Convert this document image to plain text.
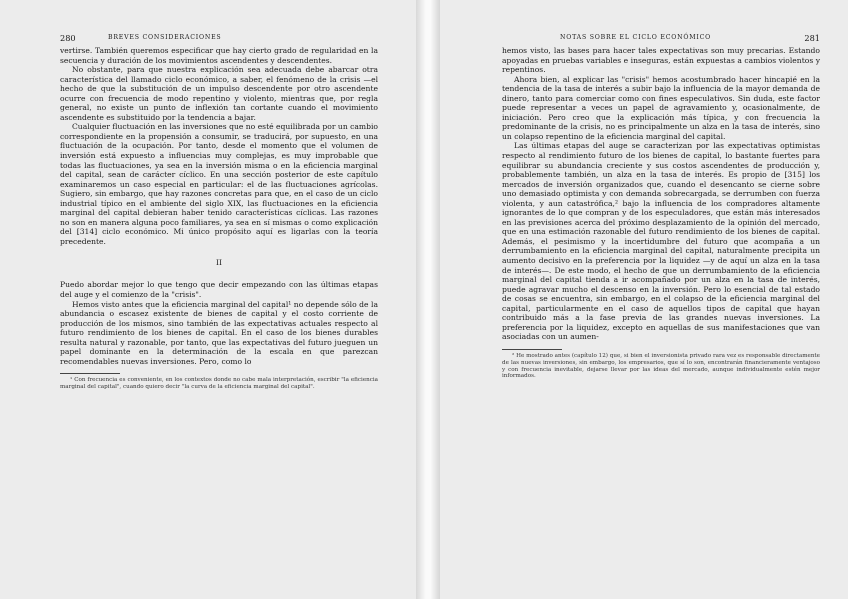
280	BREVES CONSIDERACIONES

vertirse. También queremos especificar que hay cierto grado de regularidad en la secuencia y duración de los movimientos ascendentes y descendentes.

No obstante, para que nuestra explicación sea adecuada debe abarcar otra característica del llamado ciclo económico, a saber, el fenómeno de la crisis —el hecho de que la substitución de un impulso descendente por otro ascendente ocurre con frecuencia de modo repentino y violento, mientras que, por regla general, no existe un punto de inflexión tan cortante cuando el movimiento ascendente es substituido por la tendencia a bajar.

Cualquier fluctuación en las inversiones que no esté equilibrada por un cambio correspondiente en la propensión a consumir, se traducirá, por supuesto, en una fluctuación de la ocupación. Por tanto, desde el momento que el volumen de inversión está expuesto a influencias muy complejas, es muy improbable que todas las fluctuaciones, ya sea en la inversión misma o en la eficiencia marginal del capital, sean de carácter cíclico. En una sección posterior de este capítulo examinaremos un caso especial en particular: el de las fluctuaciones agrícolas. Sugiero, sin embargo, que hay razones concretas para que, en el caso de un ciclo industrial típico en el ambiente del siglo XIX, las fluctuaciones en la eficiencia marginal del capital debieran haber tenido características cíclicas. Las razones no son en manera alguna poco familiares, ya sea en sí mismas o como explicación del [314] ciclo económico. Mi único propósito aquí es ligarlas con la teoría precedente.

II

Puedo abordar mejor lo que tengo que decir empezando con las últimas etapas del auge y el comienzo de la "crisis".

Hemos visto antes que la eficiencia marginal del capital¹ no depende sólo de la abundancia o escasez existente de bienes de capital y el costo corriente de producción de los mismos, sino también de las expectativas actuales respecto al futuro rendimiento de los bienes de capital. En el caso de los bienes durables resulta natural y razonable, por tanto, que las expectativas del futuro jueguen un papel dominante en la determinación de la escala en que parezcan recomendables nuevas inversiones. Pero, como lo

¹ Con frecuencia es conveniente, en los contextos donde no cabe mala interpretación, escribir "la eficiencia marginal del capital", cuando quiero decir "la curva de la eficiencia marginal del capital".

NOTAS SOBRE EL CICLO ECONÓMICO	281

hemos visto, las bases para hacer tales expectativas son muy precarias. Estando apoyadas en pruebas variables e inseguras, están expuestas a cambios violentos y repentinos.

Ahora bien, al explicar las "crisis" hemos acostumbrado hacer hincapié en la tendencia de la tasa de interés a subir bajo la influencia de la mayor demanda de dinero, tanto para comerciar como con fines especulativos. Sin duda, este factor puede representar a veces un papel de agravamiento y, ocasionalmente, de iniciación. Pero creo que la explicación más típica, y con frecuencia la predominante de la crisis, no es principalmente un alza en la tasa de interés, sino un colapso repentino de la eficiencia marginal del capital.

Las últimas etapas del auge se caracterizan por las expectativas optimistas respecto al rendimiento futuro de los bienes de capital, lo bastante fuertes para equilibrar su abundancia creciente y sus costos ascendentes de producción y, probablemente también, un alza en la tasa de interés. Es propio de [315] los mercados de inversión organizados que, cuando el desencanto se cierne sobre uno demasiado optimista y con demanda sobrecargada, se derrumben con fuerza violenta, y aun catastrófica,² bajo la influencia de los compradores altamente ignorantes de lo que compran y de los especuladores, que están más interesados en las previsiones acerca del próximo desplazamiento de la opinión del mercado, que en una estimación razonable del futuro rendimiento de los bienes de capital. Además, el pesimismo y la incertidumbre del futuro que acompaña a un derrumbamiento en la eficiencia marginal del capital, naturalmente precipita un aumento decisivo en la preferencia por la liquidez —y de aquí un alza en la tasa de interés—. De este modo, el hecho de que un derrumbamiento de la eficiencia marginal del capital tienda a ir acompañado por un alza en la tasa de interés, puede agravar mucho el descenso en la inversión. Pero lo esencial de tal estado de cosas se encuentra, sin embargo, en el colapso de la eficiencia marginal del capital, particularmente en el caso de aquellos tipos de capital que hayan contribuido más a la fase previa de las grandes nuevas inversiones. La preferencia por la liquidez, excepto en aquellas de sus manifestaciones que van asociadas con un aumen-

² He mostrado antes (capítulo 12) que, si bien el inversionista privado rara vez es responsable directamente de las nuevas inversiones, sin embargo, los empresarios, que sí lo son, encontrarán financieramente ventajoso y con frecuencia inevitable, dejarse llevar por las ideas del mercado, aunque individualmente estén mejor informados.
